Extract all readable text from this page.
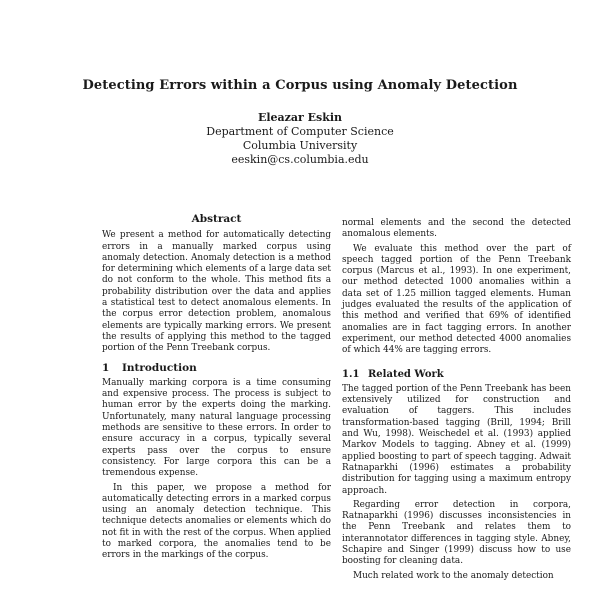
Detecting Errors within a Corpus using Anomaly Detection
Eleazar Eskin
Department of Computer Science
Columbia University
eeskin@cs.columbia.edu
Abstract

We present a method for automatically detecting errors in a manually marked corpus using anomaly detection. Anomaly detection is a method for determining which elements of a large data set do not conform to the whole. This method fits a probability distribution over the data and applies a statistical test to detect anomalous elements. In the corpus error detection problem, anomalous elements are typically marking errors. We present the results of applying this method to the tagged portion of the Penn Treebank corpus.

1 Introduction

Manually marking corpora is a time consuming and expensive process. The process is subject to human error by the experts doing the marking. Unfortunately, many natural language processing methods are sensitive to these errors. In order to ensure accuracy in a corpus, typically several experts pass over the corpus to ensure consistency. For large corpora this can be a tremendous expense.

In this paper, we propose a method for automatically detecting errors in a marked corpus using an anomaly detection technique. This technique detects anomalies or elements which do not fit in with the rest of the corpus. When applied to marked corpora, the anomalies tend to be errors in the markings of the corpus.

normal elements and the second the detected anomalous elements.

We evaluate this method over the part of speech tagged portion of the Penn Treebank corpus (Marcus et al., 1993). In one experiment, our method detected 1000 anomalies within a data set of 1.25 million tagged elements. Human judges evaluated the results of the application of this method and verified that 69% of identified anomalies are in fact tagging errors. In another experiment, our method detected 4000 anomalies of which 44% are tagging errors.

1.1 Related Work

The tagged portion of the Penn Treebank has been extensively utilized for construction and evaluation of taggers. This includes transformation-based tagging (Brill, 1994; Brill and Wu, 1998). Weischedel et al. (1993) applied Markov Models to tagging. Abney et al. (1999) applied boosting to part of speech tagging. Adwait Ratnaparkhi (1996) estimates a probability distribution for tagging using a maximum entropy approach.

Regarding error detection in corpora, Ratnaparkhi (1996) discusses inconsistencies in the Penn Treebank and relates them to interannotator differences in tagging style. Abney, Schapire and Singer (1999) discuss how to use boosting for cleaning data.

Much related work to the anomaly detection
